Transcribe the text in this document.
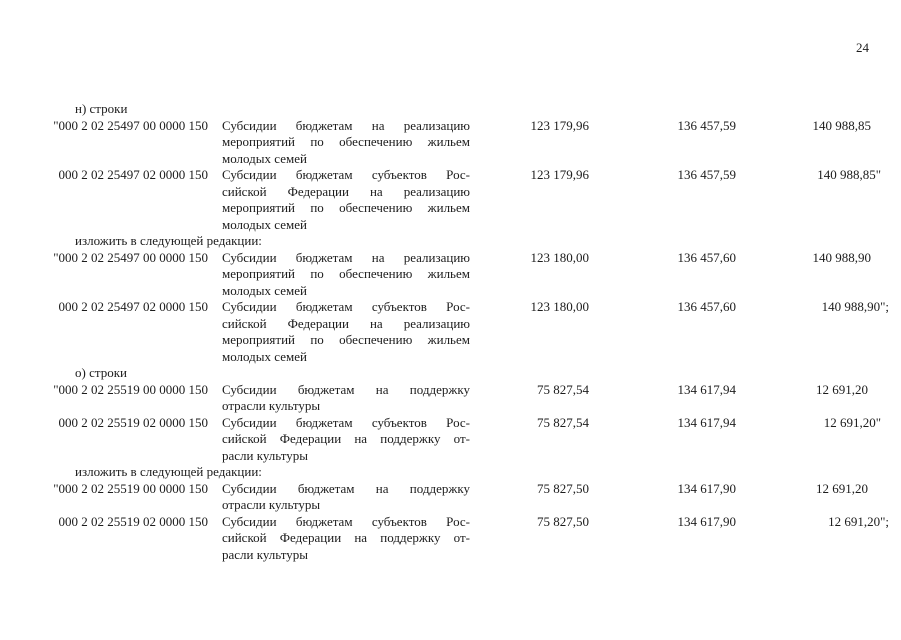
24
н) строки
"000 2 02 25497 00 0000 150 Субсидии бюджетам на реализацию	123 179,96	136 457,59	140 988,85
мероприятий по обеспечению жильем
молодых семей
000 2 02 25497 02 0000 150 Субсидии бюджетам субъектов Рос-	123 179,96	136 457,59	140 988,85"
сийской Федерации на реализацию
мероприятий по обеспечению жильем
молодых семей
изложить в следующей редакции:
"000 2 02 25497 00 0000 150 Субсидии бюджетам на реализацию	123 180,00	136 457,60	140 988,90
мероприятий по обеспечению жильем
молодых семей
000 2 02 25497 02 0000 150 Субсидии бюджетам субъектов Рос-	123 180,00	136 457,60	140 988,90";
сийской Федерации на реализацию
мероприятий по обеспечению жильем
молодых семей
о) строки
"000 2 02 25519 00 0000 150 Субсидии бюджетам на поддержку	75 827,54	134 617,94	12 691,20
отрасли культуры
000 2 02 25519 02 0000 150 Субсидии бюджетам субъектов Рос-	75 827,54	134 617,94	12 691,20"
сийской Федерации на поддержку от-
расли культуры
изложить в следующей редакции:
"000 2 02 25519 00 0000 150 Субсидии бюджетам на поддержку	75 827,50	134 617,90	12 691,20
отрасли культуры
000 2 02 25519 02 0000 150 Субсидии бюджетам субъектов Рос-	75 827,50	134 617,90	12 691,20";
сийской Федерации на поддержку от-
расли культуры
